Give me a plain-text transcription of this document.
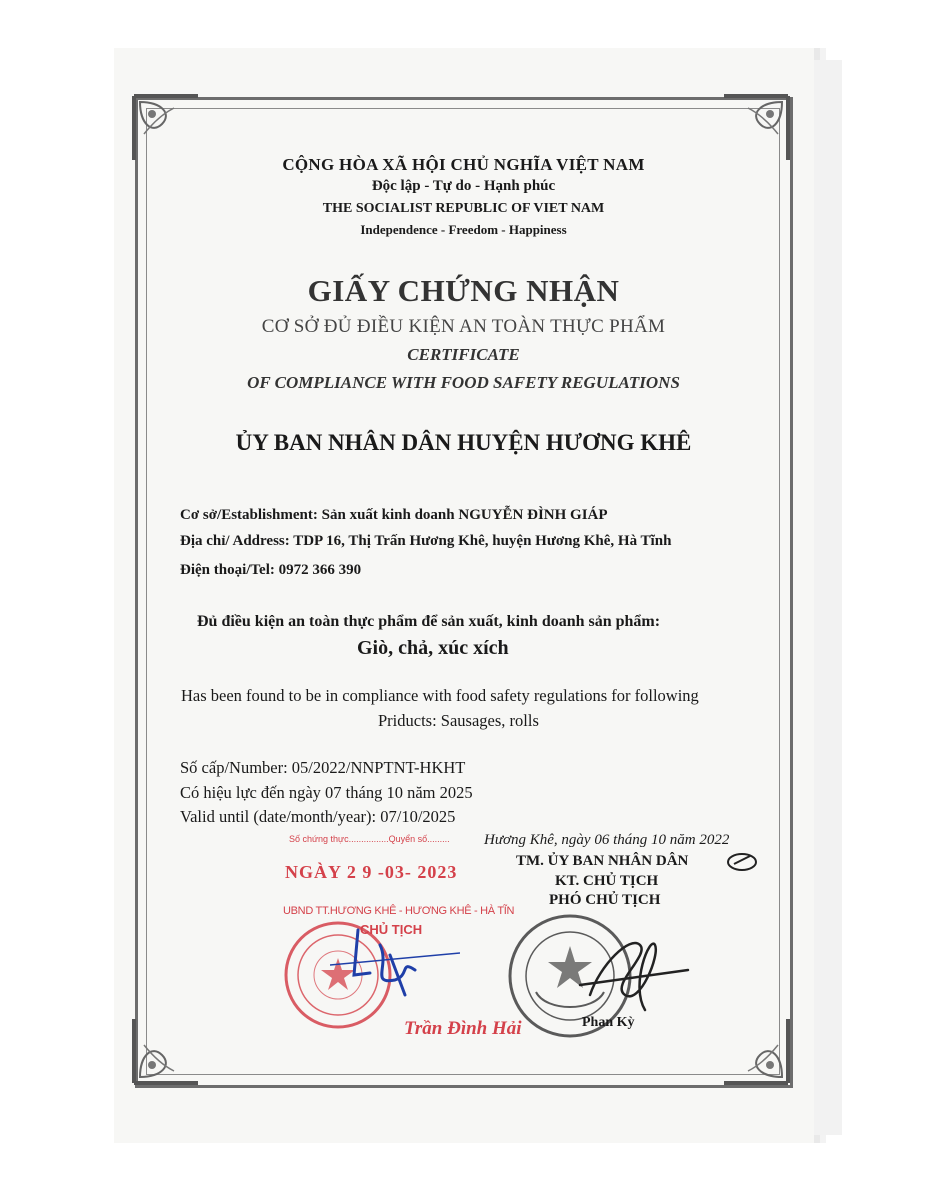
CỘNG HÒA XÃ HỘI CHỦ NGHĨA VIỆT NAM
Độc lập - Tự do - Hạnh phúc
THE SOCIALIST REPUBLIC OF VIET NAM
Independence - Freedom - Happiness
GIẤY CHỨNG NHẬN
CƠ SỞ ĐỦ ĐIỀU KIỆN AN TOÀN THỰC PHẨM
CERTIFICATE
OF COMPLIANCE WITH FOOD SAFETY REGULATIONS
ỦY BAN NHÂN DÂN HUYỆN HƯƠNG KHÊ
Cơ sở/Establishment: Sản xuất kinh doanh NGUYỄN ĐÌNH GIÁP
Địa chỉ/ Address: TDP 16, Thị Trấn Hương Khê, huyện Hương Khê, Hà Tĩnh
Điện thoại/Tel: 0972 366 390
Đủ điều kiện an toàn thực phẩm để sản xuất, kinh doanh sản phẩm:
Giò, chả, xúc xích
Has been found to be in compliance with food safety regulations for following
Priducts: Sausages, rolls
Số cấp/Number: 05/2022/NNPTNT-HKHT
Có hiệu lực đến ngày 07 tháng 10 năm 2025
Valid until (date/month/year): 07/10/2025
Số chứng thực................Quyển số.........
NGÀY 2 9 -03- 2023
UBND TT.HƯƠNG KHÊ - HƯƠNG KHÊ - HÀ TĨN
CHỦ TỊCH
Trần Đình Hải
Hương Khê, ngày 06 tháng 10 năm 2022
TM. ỦY BAN NHÂN DÂN
KT. CHỦ TỊCH
PHÓ CHỦ TỊCH
Phan Kỳ
